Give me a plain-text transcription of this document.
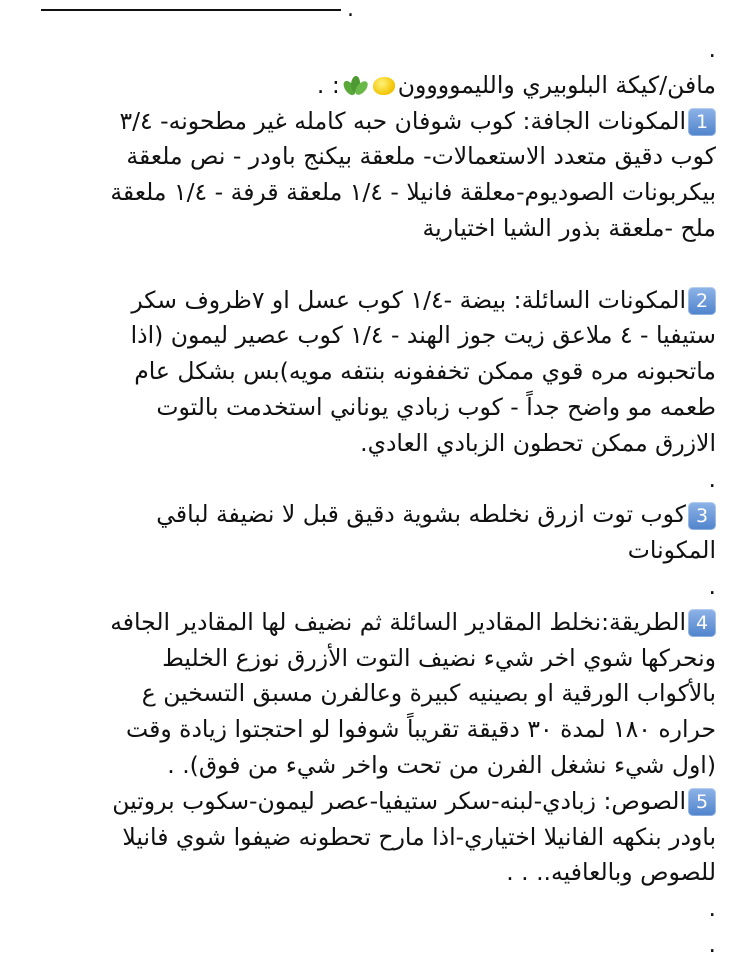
.
.
مافن/كيكة البلوبيري والليموووون
: .
1المكونات الجافة: كوب شوفان حبه كامله غير مطحونه- ٣/٤
كوب دقيق متعدد الاستعمالات- ملعقة بيكنج باودر - نص ملعقة
بيكربونات الصوديوم-معلقة فانيلا - ١/٤ ملعقة قرفة - ١/٤ ملعقة
ملح -ملعقة بذور الشيا اختيارية
2المكونات السائلة: بيضة -١/٤ كوب عسل او ٧ظروف سكر
ستيفيا - ٤ ملاعق زيت جوز الهند - ١/٤ كوب عصير ليمون (اذا
ماتحبونه مره قوي ممكن تخففونه بنتفه مويه)بس بشكل عام
طعمه مو واضح جداً - كوب زبادي يوناني استخدمت بالتوت
الازرق ممكن تحطون الزبادي العادي.
.
3كوب توت ازرق نخلطه بشوية دقيق قبل لا نضيفة لباقي
المكونات
.
4الطريقة:نخلط المقادير السائلة ثم نضيف لها المقادير الجافه
ونحركها شوي اخر شيء نضيف التوت الأزرق نوزع الخليط
بالأكواب الورقية او بصينيه كبيرة وعالفرن مسبق التسخين ع
حراره ١٨٠ لمدة ٣٠ دقيقة تقريباً شوفوا لو احتجتوا زيادة وقت
(اول شيء نشغل الفرن من تحت واخر شيء من فوق). .
5الصوص: زبادي-لبنه-سكر ستيفيا-عصر ليمون-سكوب بروتين
باودر بنكهه الفانيلا اختياري-اذا مارح تحطونه ضيفوا شوي فانيلا
للصوص وبالعافيه.. . .
.
.
